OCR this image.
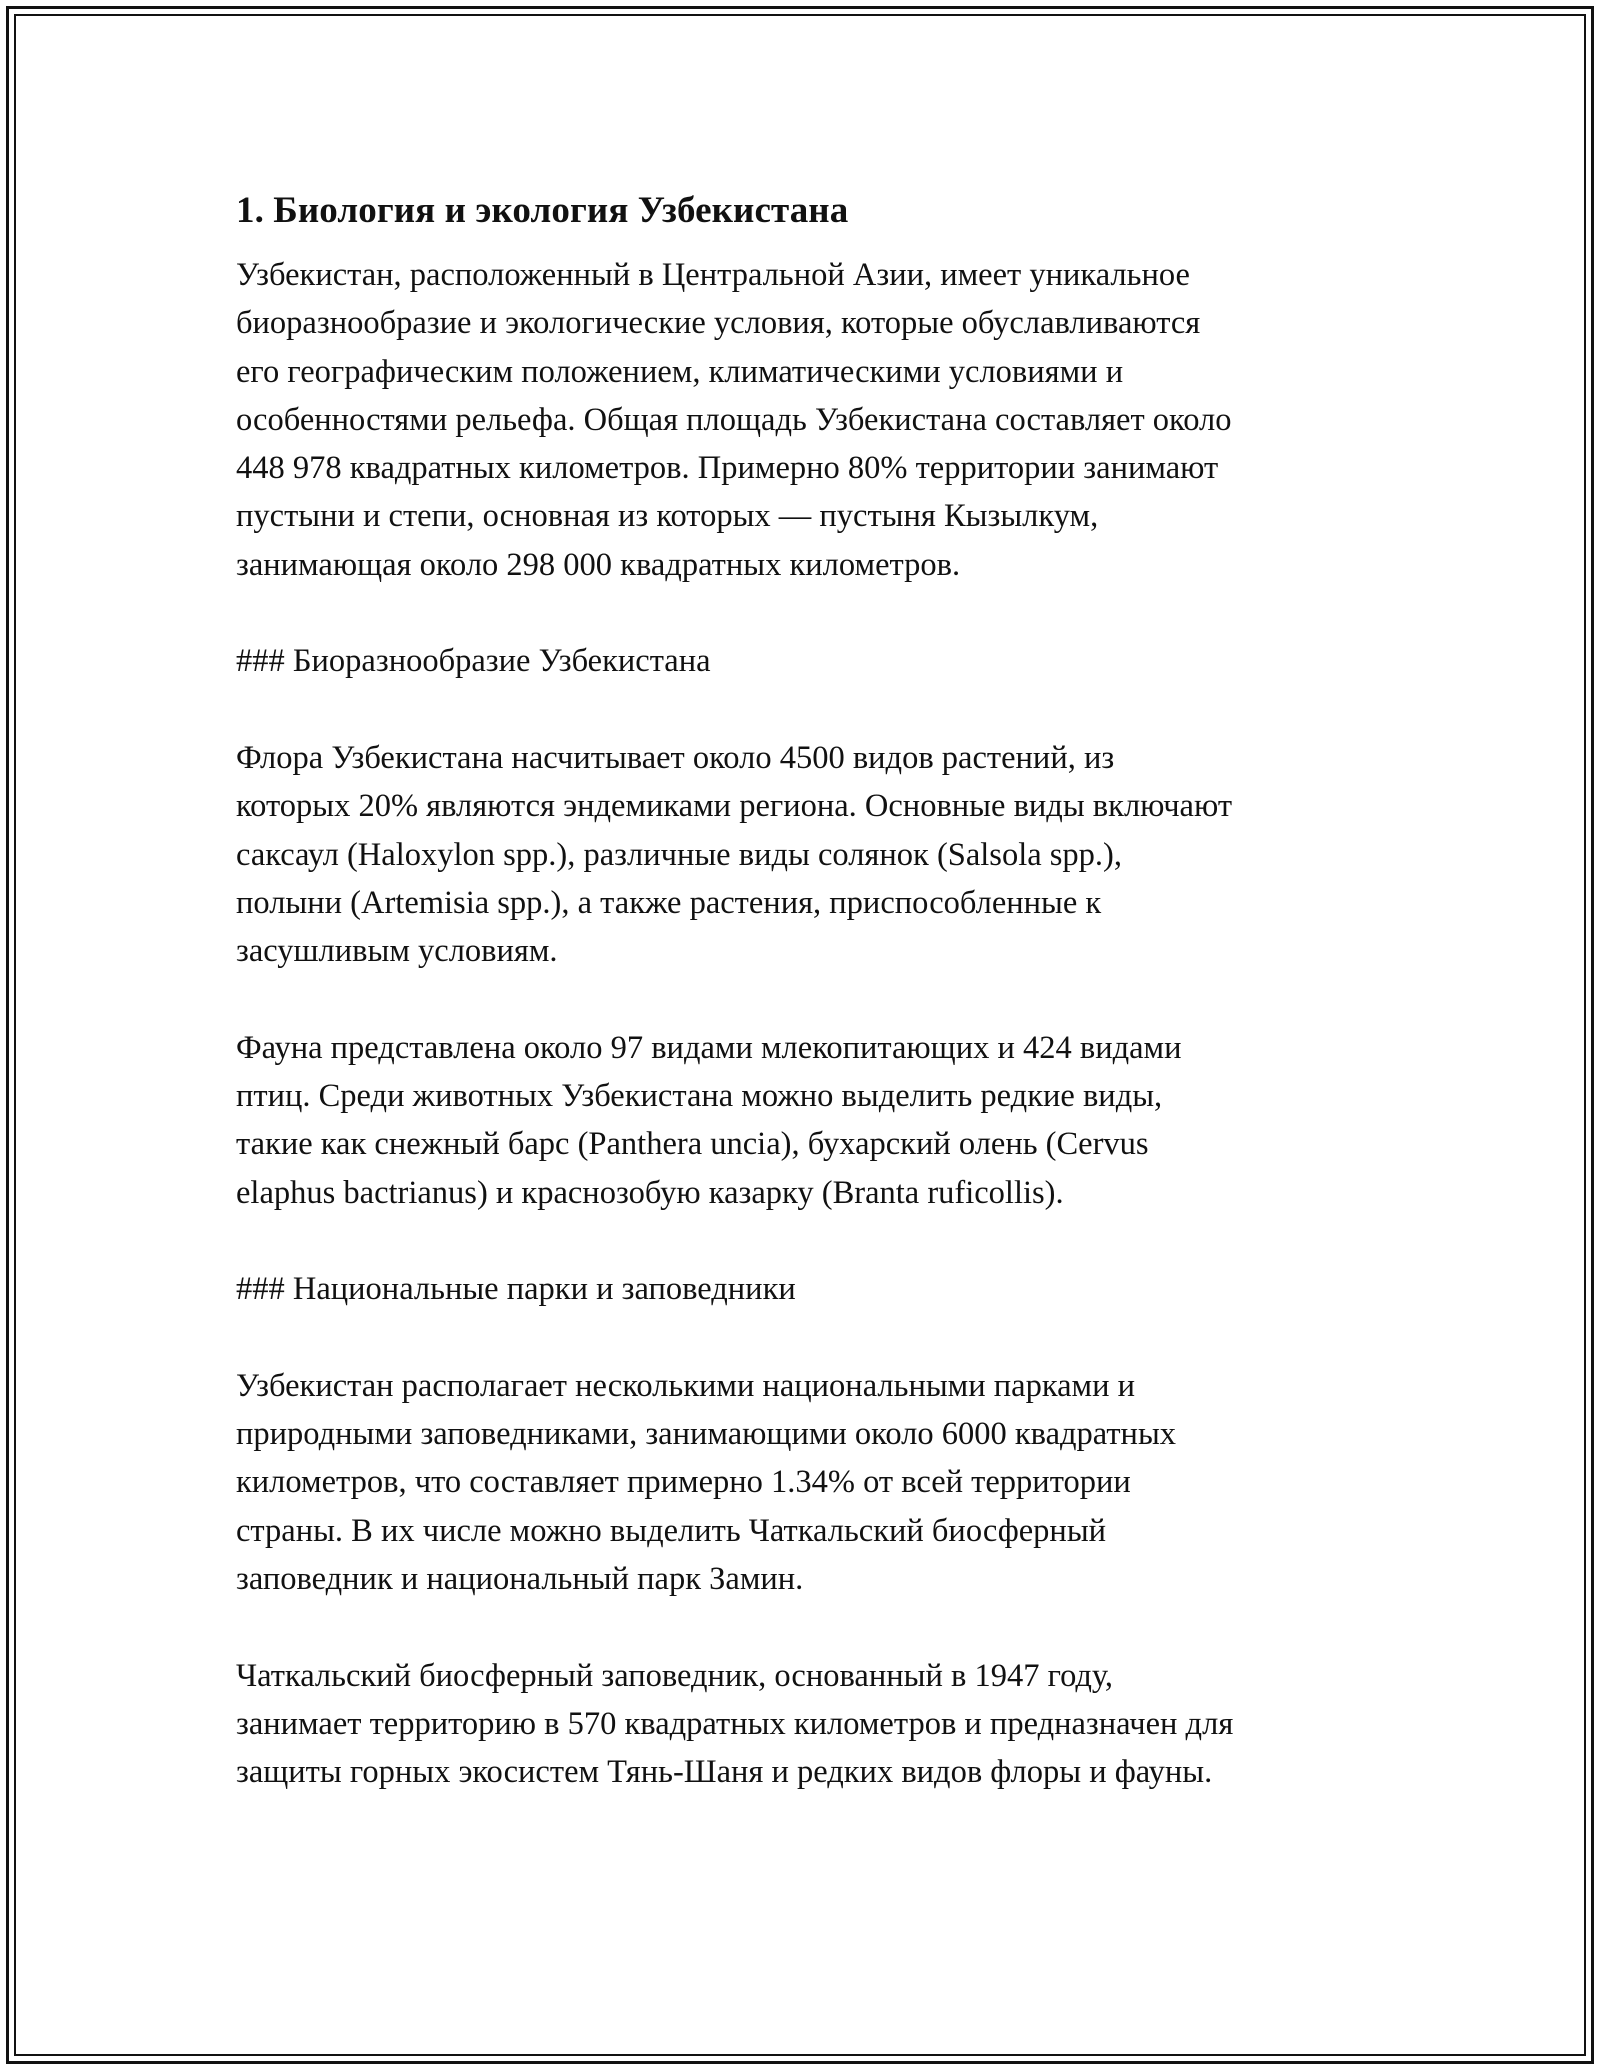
1. Биология и экология Узбекистана

Узбекистан, расположенный в Центральной Азии, имеет уникальное
биоразнообразие и экологические условия, которые обуславливаются
его географическим положением, климатическими условиями и
особенностями рельефа. Общая площадь Узбекистана составляет около
448 978 квадратных километров. Примерно 80% территории занимают
пустыни и степи, основная из которых — пустыня Кызылкум,
занимающая около 298 000 квадратных километров.

### Биоразнообразие Узбекистана

Флора Узбекистана насчитывает около 4500 видов растений, из
которых 20% являются эндемиками региона. Основные виды включают
саксаул (Haloxylon spp.), различные виды солянок (Salsola spp.),
полыни (Artemisia spp.), а также растения, приспособленные к
засушливым условиям.

Фауна представлена около 97 видами млекопитающих и 424 видами
птиц. Среди животных Узбекистана можно выделить редкие виды,
такие как снежный барс (Panthera uncia), бухарский олень (Cervus
elaphus bactrianus) и краснозобую казарку (Branta ruficollis).

### Национальные парки и заповедники

Узбекистан располагает несколькими национальными парками и
природными заповедниками, занимающими около 6000 квадратных
километров, что составляет примерно 1.34% от всей территории
страны. В их числе можно выделить Чаткальский биосферный
заповедник и национальный парк Замин.

Чаткальский биосферный заповедник, основанный в 1947 году,
занимает территорию в 570 квадратных километров и предназначен для
защиты горных экосистем Тянь-Шаня и редких видов флоры и фауны.
